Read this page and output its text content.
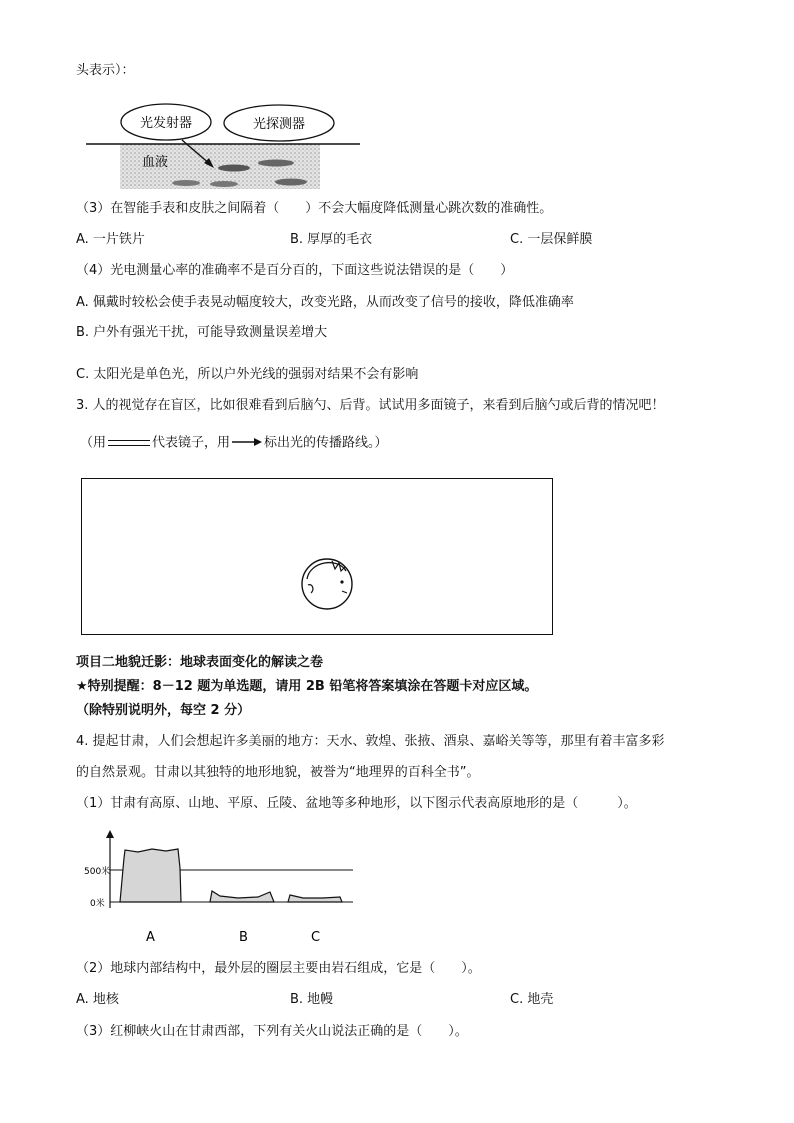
头表示）：
光发射器	光探测器
血液
（3）在智能手表和皮肤之间隔着（　　）不会大幅度降低测量心跳次数的准确性。
A. 一片铁片	B. 厚厚的毛衣	C. 一层保鲜膜
（4）光电测量心率的准确率不是百分百的，下面这些说法错误的是（　　）
A. 佩戴时较松会使手表晃动幅度较大，改变光路，从而改变了信号的接收，降低准确率
B. 户外有强光干扰，可能导致测量误差增大
C. 太阳光是单色光，所以户外光线的强弱对结果不会有影响
3. 人的视觉存在盲区，比如很难看到后脑勺、后背。试试用多面镜子，来看到后脑勺或后背的情况吧！
（用	代表镜子，用	标出光的传播路线。）
项目二地貌迁影：地球表面变化的解读之卷
★特别提醒：8－12 题为单选题，请用 2B 铅笔将答案填涂在答题卡对应区域。
（除特别说明外，每空 2 分）
4. 提起甘肃，人们会想起许多美丽的地方：天水、敦煌、张掖、酒泉、嘉峪关等等，那里有着丰富多彩
的自然景观。甘肃以其独特的地形地貌，被誉为“地理界的百科全书”。
（1）甘肃有高原、山地、平原、丘陵、盆地等多种地形，以下图示代表高原地形的是（　　　）。
500米
0米
A	B	C
（2）地球内部结构中，最外层的圈层主要由岩石组成，它是（　　）。
A. 地核	B. 地幔	C. 地壳
（3）红柳峡火山在甘肃西部，下列有关火山说法正确的是（　　）。
